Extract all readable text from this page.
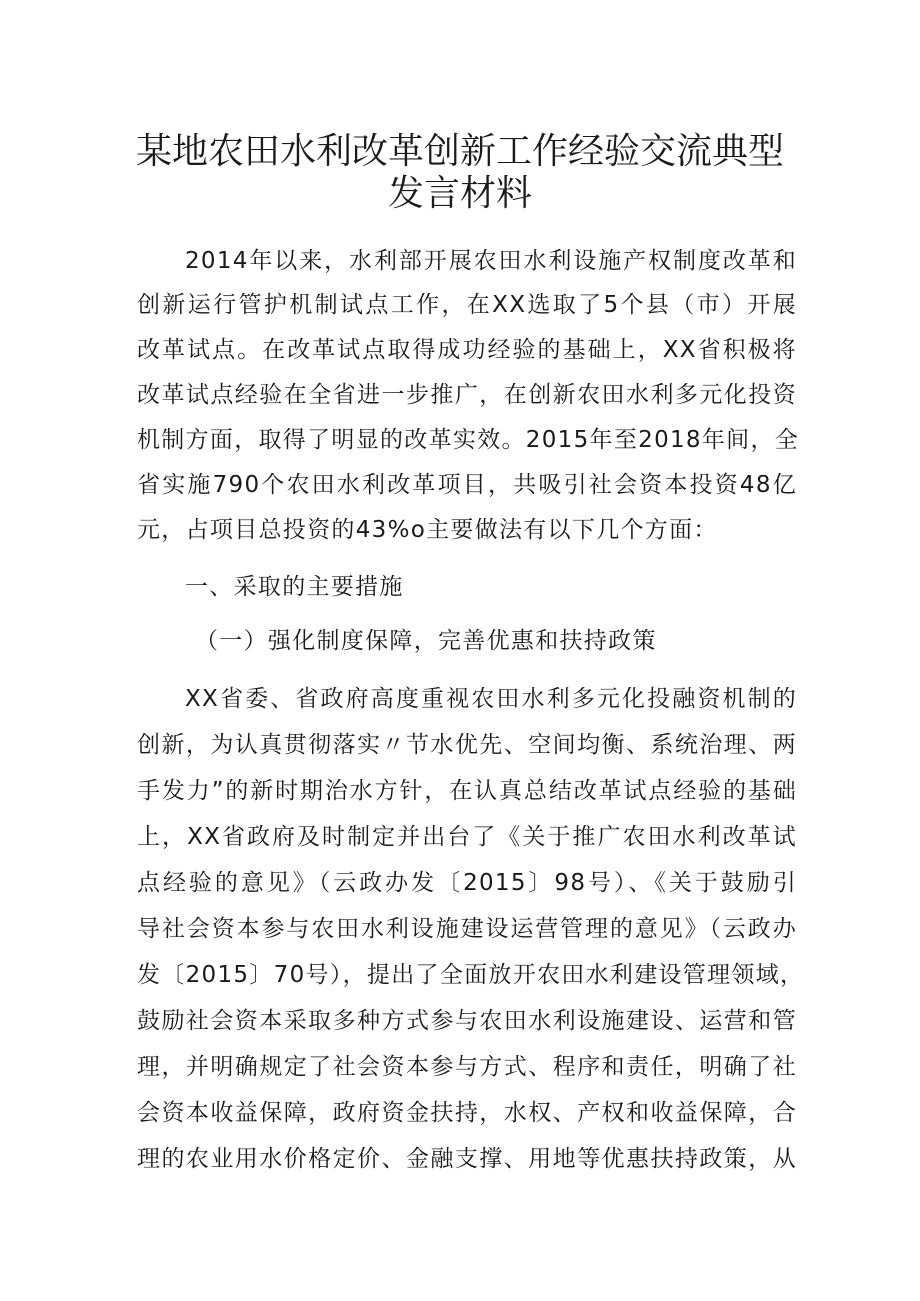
某地农田水利改革创新工作经验交流典型
发言材料
2014年以来，水利部开展农田水利设施产权制度改革和
创新运行管护机制试点工作，在XX选取了5个县（市）开展
改革试点。在改革试点取得成功经验的基础上，XX省积极将
改革试点经验在全省进一步推广，在创新农田水利多元化投资
机制方面，取得了明显的改革实效。2015年至2018年间，全
省实施790个农田水利改革项目，共吸引社会资本投资48亿
元，占项目总投资的43%o主要做法有以下几个方面：
一、采取的主要措施
（一）强化制度保障，完善优惠和扶持政策
XX省委、省政府高度重视农田水利多元化投融资机制的
创新，为认真贯彻落实〃节水优先、空间均衡、系统治理、两
手发力”的新时期治水方针，在认真总结改革试点经验的基础
上，XX省政府及时制定并出台了《关于推广农田水利改革试
点经验的意见》（云政办发〔2015〕98号）、《关于鼓励引
导社会资本参与农田水利设施建设运营管理的意见》（云政办
发〔2015〕70号），提出了全面放开农田水利建设管理领域，
鼓励社会资本采取多种方式参与农田水利设施建设、运营和管
理，并明确规定了社会资本参与方式、程序和责任，明确了社
会资本收益保障，政府资金扶持，水权、产权和收益保障，合
理的农业用水价格定价、金融支撑、用地等优惠扶持政策，从
